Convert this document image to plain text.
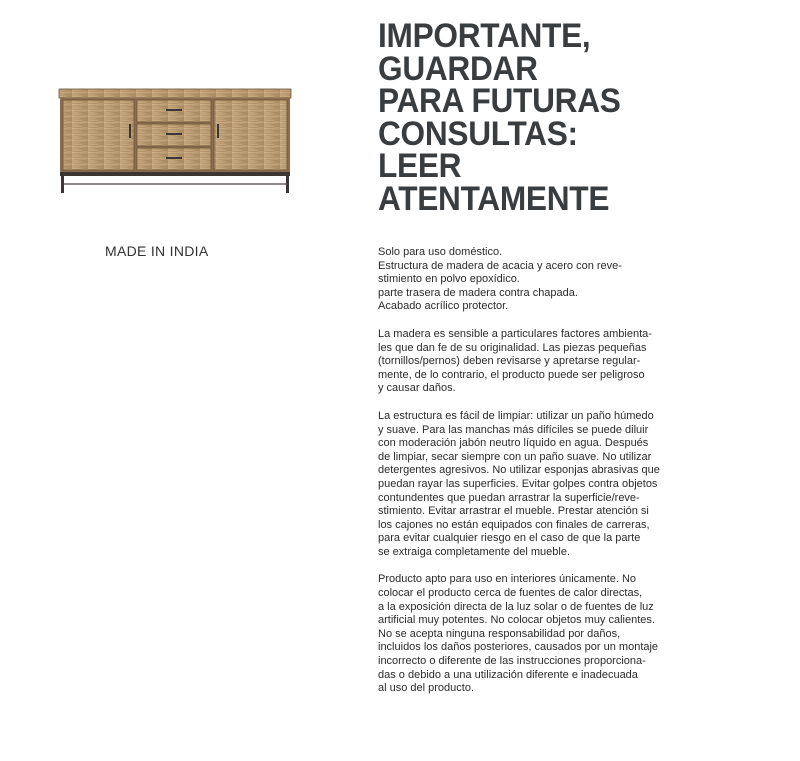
MADE IN INDIA
IMPORTANTE,
GUARDAR
PARA FUTURAS
CONSULTAS:
LEER
ATENTAMENTE

Solo para uso doméstico.
Estructura de madera de acacia y acero con reve-
stimiento en polvo epoxídico.
parte trasera de madera contra chapada.
Acabado acrílico protector.

La madera es sensible a particulares factores ambienta-
les que dan fe de su originalidad. Las piezas pequeñas
(tornillos/pernos) deben revisarse y apretarse regular-
mente, de lo contrario, el producto puede ser peligroso
y causar daños.

La estructura es fácil de limpiar: utilizar un paño húmedo
y suave. Para las manchas más difíciles se puede diluir
con moderación jabón neutro líquido en agua. Después
de limpiar, secar siempre con un paño suave. No utilizar
detergentes agresivos. No utilizar esponjas abrasivas que
puedan rayar las superficies. Evitar golpes contra objetos
contundentes que puedan arrastrar la superficie/reve-
stimiento. Evitar arrastrar el mueble. Prestar atención si
los cajones no están equipados con finales de carreras,
para evitar cualquier riesgo en el caso de que la parte
se extraiga completamente del mueble.

Producto apto para uso en interiores únicamente. No
colocar el producto cerca de fuentes de calor directas,
a la exposición directa de la luz solar o de fuentes de luz
artificial muy potentes. No colocar objetos muy calientes.
No se acepta ninguna responsabilidad por daños,
incluidos los daños posteriores, causados por un montaje
incorrecto o diferente de las instrucciones proporciona-
das o debido a una utilización diferente e inadecuada
al uso del producto.
